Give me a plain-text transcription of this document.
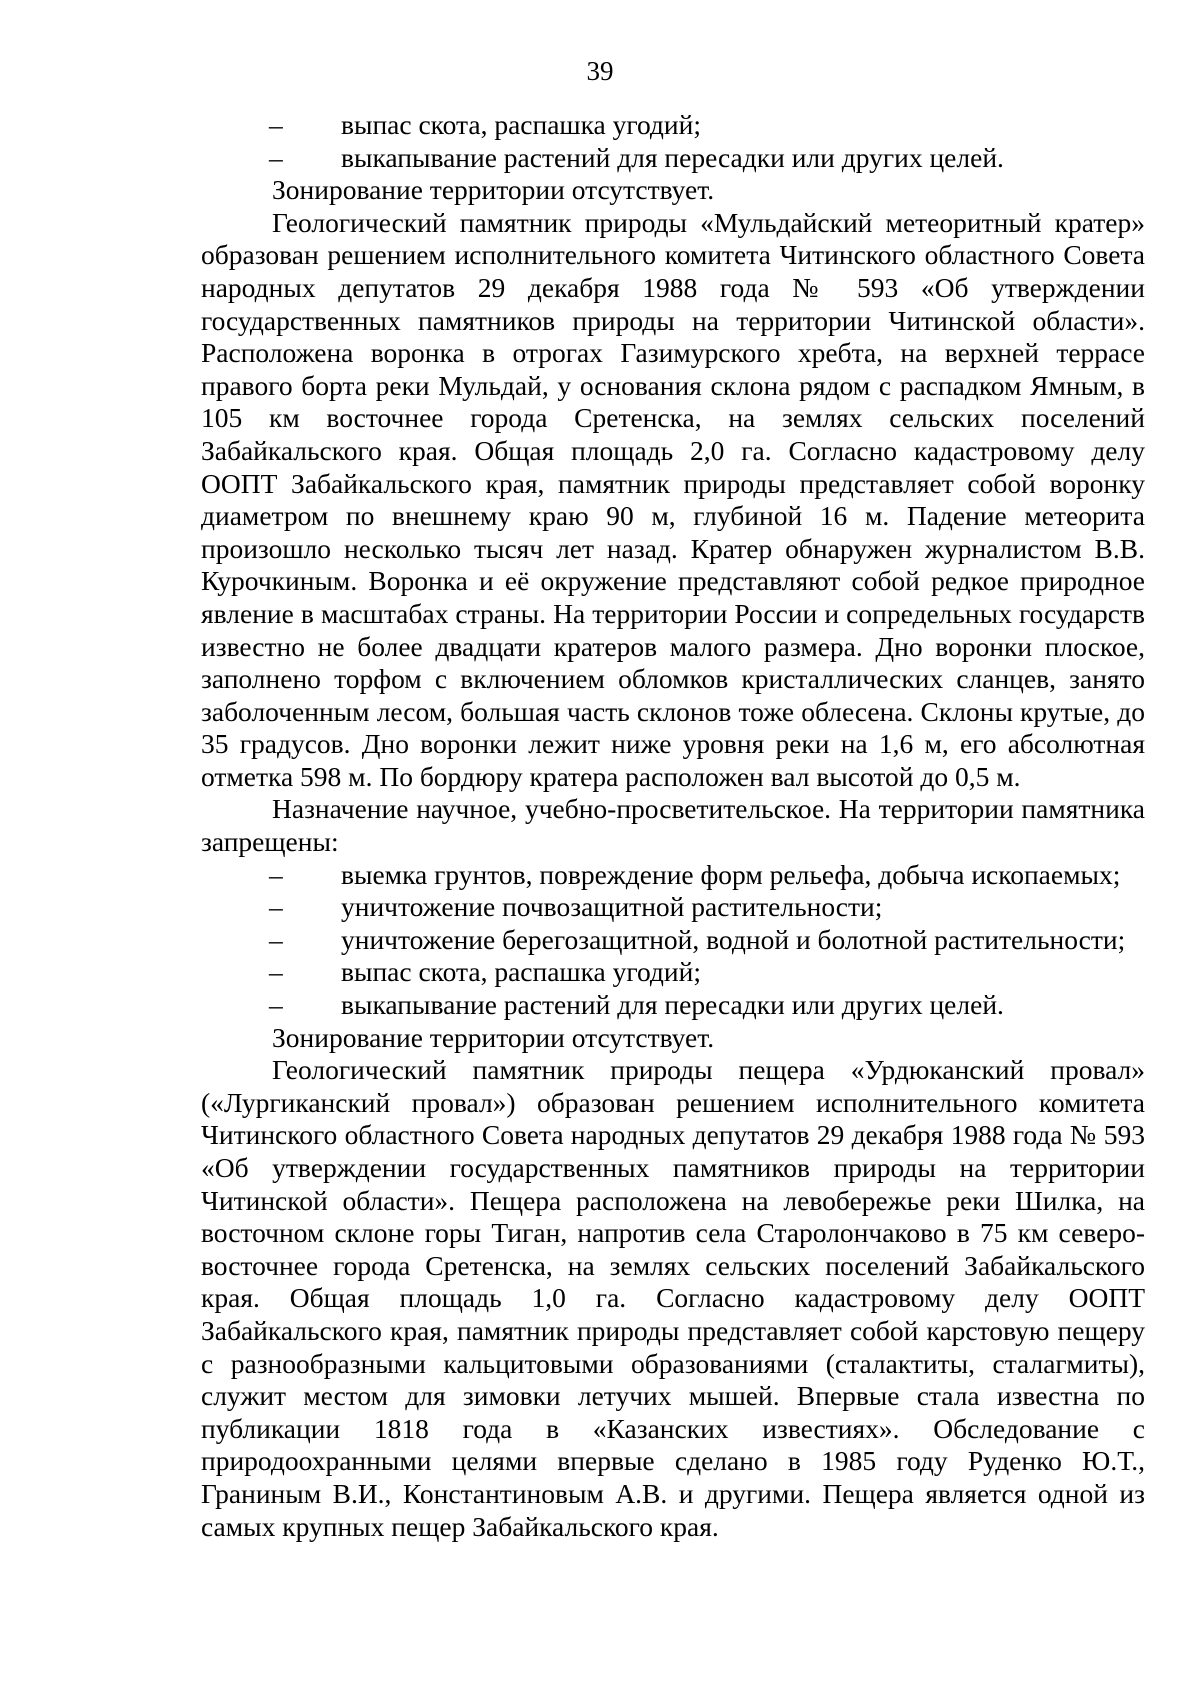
39
– выпас скота, распашка угодий;
– выкапывание растений для пересадки или других целей.

Зонирование территории отсутствует.

Геологический памятник природы «Мульдайский метеоритный кратер» образован решением исполнительного комитета Читинского областного Совета народных депутатов 29 декабря 1988 года № 593 «Об утверждении государственных памятников природы на территории Читинской области». Расположена воронка в отрогах Газимурского хребта, на верхней террасе правого борта реки Мульдай, у основания склона рядом с распадком Ямным, в 105 км восточнее города Сретенска, на землях сельских поселений Забайкальского края. Общая площадь 2,0 га. Согласно кадастровому делу ООПТ Забайкальского края, памятник природы представляет собой воронку диаметром по внешнему краю 90 м, глубиной 16 м. Падение метеорита произошло несколько тысяч лет назад. Кратер обнаружен журналистом В.В. Курочкиным. Воронка и её окружение представляют собой редкое природное явление в масштабах страны. На территории России и сопредельных государств известно не более двадцати кратеров малого размера. Дно воронки плоское, заполнено торфом с включением обломков кристаллических сланцев, занято заболоченным лесом, большая часть склонов тоже облесена. Склоны крутые, до 35 градусов. Дно воронки лежит ниже уровня реки на 1,6 м, его абсолютная отметка 598 м. По бордюру кратера расположен вал высотой до 0,5 м.

Назначение научное, учебно-просветительское. На территории памятника запрещены:

– выемка грунтов, повреждение форм рельефа, добыча ископаемых;
– уничтожение почвозащитной растительности;
– уничтожение берегозащитной, водной и болотной растительности;
– выпас скота, распашка угодий;
– выкапывание растений для пересадки или других целей.

Зонирование территории отсутствует.

Геологический памятник природы пещера «Урдюканский провал» («Лургиканский провал») образован решением исполнительного комитета Читинского областного Совета народных депутатов 29 декабря 1988 года № 593 «Об утверждении государственных памятников природы на территории Читинской области». Пещера расположена на левобережье реки Шилка, на восточном склоне горы Тиган, напротив села Старолончаково в 75 км северо-восточнее города Сретенска, на землях сельских поселений Забайкальского края. Общая площадь 1,0 га. Согласно кадастровому делу ООПТ Забайкальского края, памятник природы представляет собой карстовую пещеру с разнообразными кальцитовыми образованиями (сталактиты, сталагмиты), служит местом для зимовки летучих мышей. Впервые стала известна по публикации 1818 года в «Казанских известиях». Обследование с природоохранными целями впервые сделано в 1985 году Руденко Ю.Т., Граниным В.И., Константиновым А.В. и другими. Пещера является одной из самых крупных пещер Забайкальского края.
